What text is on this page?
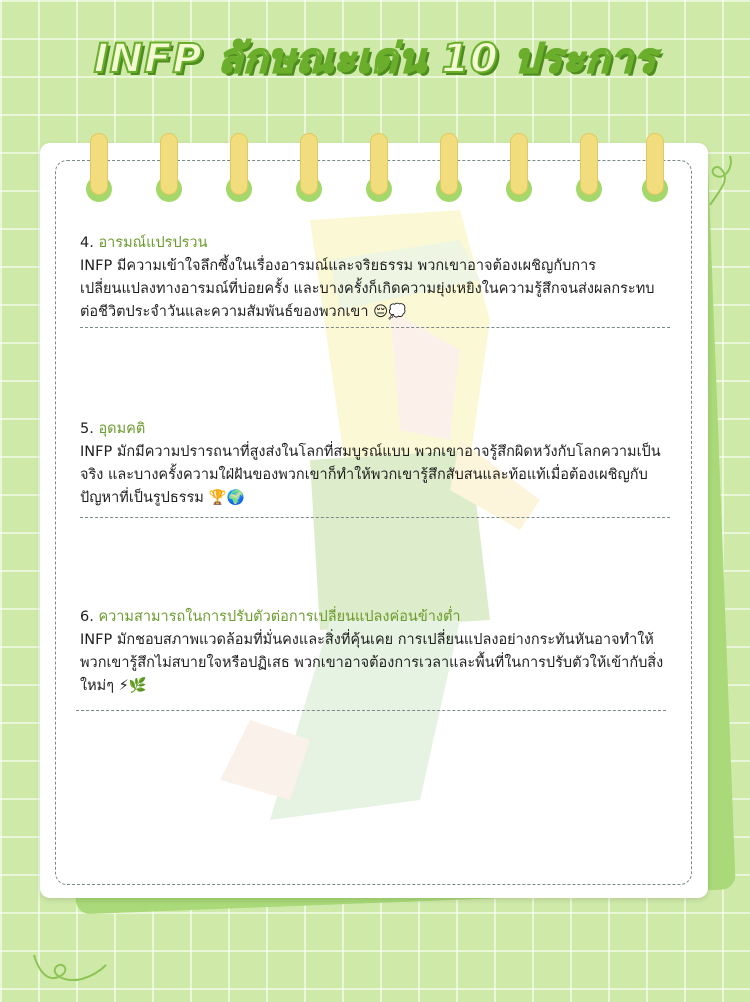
INFP ลักษณะเด่น 10 ประการ
4. อารมณ์แปรปรวน
INFP มีความเข้าใจลึกซึ้งในเรื่องอารมณ์และจริยธรรม พวกเขาอาจต้องเผชิญกับการเปลี่ยนแปลงทางอารมณ์ที่บ่อยครั้ง และบางครั้งก็เกิดความยุ่งเหยิงในความรู้สึกจนส่งผลกระทบต่อชีวิตประจำวันและความสัมพันธ์ของพวกเขา 😔💭
5. อุดมคติ
INFP มักมีความปรารถนาที่สูงส่งในโลกที่สมบูรณ์แบบ พวกเขาอาจรู้สึกผิดหวังกับโลกความเป็นจริง และบางครั้งความใฝ่ฝันของพวกเขาก็ทำให้พวกเขารู้สึกสับสนและท้อแท้เมื่อต้องเผชิญกับปัญหาที่เป็นรูปธรรม 🏆🌍
6. ความสามารถในการปรับตัวต่อการเปลี่ยนแปลงค่อนข้างต่ำ
INFP มักชอบสภาพแวดล้อมที่มั่นคงและสิ่งที่คุ้นเคย การเปลี่ยนแปลงอย่างกระทันหันอาจทำให้พวกเขารู้สึกไม่สบายใจหรือปฏิเสธ พวกเขาอาจต้องการเวลาและพื้นที่ในการปรับตัวให้เข้ากับสิ่งใหม่ๆ ⚡🌿
